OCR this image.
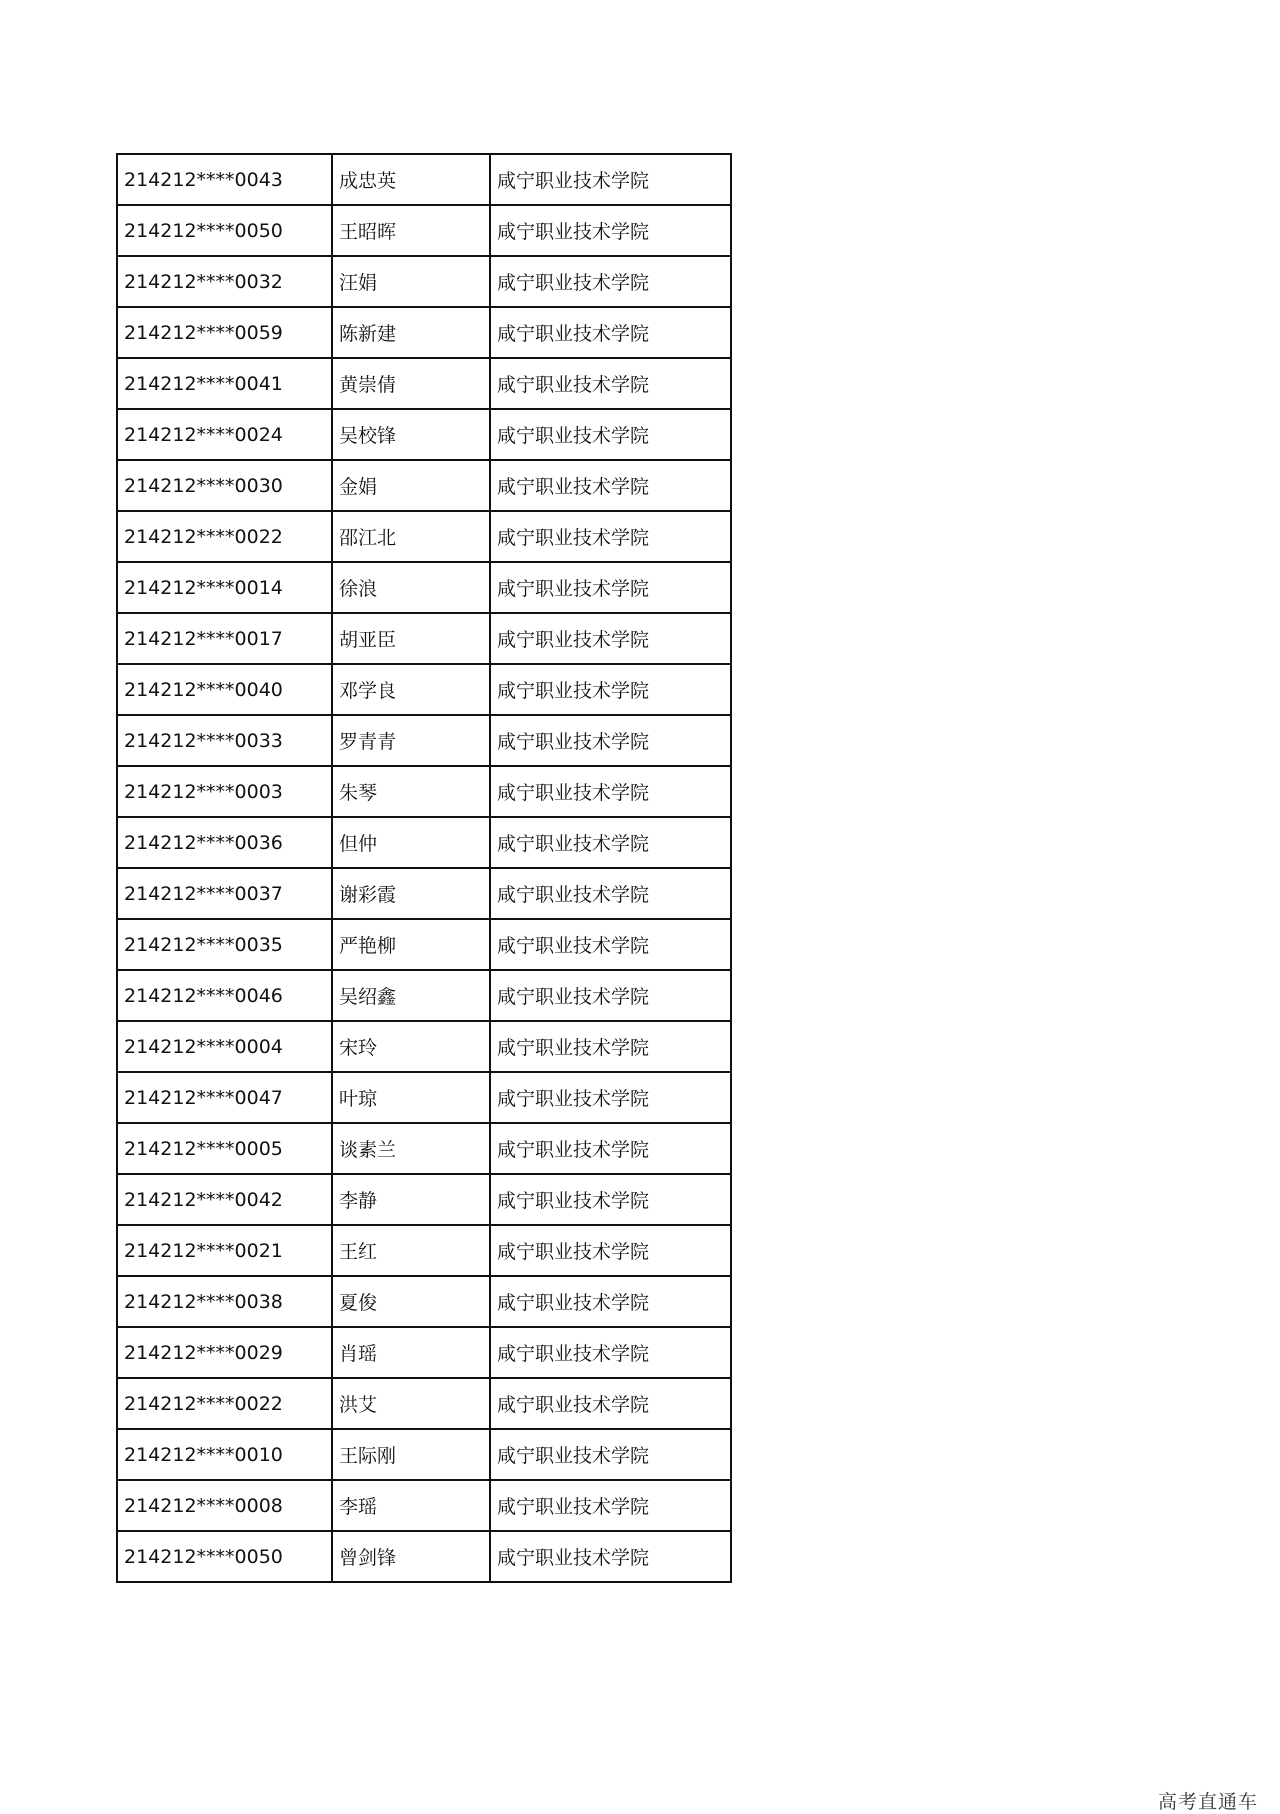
214212****0043	成忠英	咸宁职业技术学院
214212****0050	王昭晖	咸宁职业技术学院
214212****0032	汪娟	咸宁职业技术学院
214212****0059	陈新建	咸宁职业技术学院
214212****0041	黄崇倩	咸宁职业技术学院
214212****0024	吴校锋	咸宁职业技术学院
214212****0030	金娟	咸宁职业技术学院
214212****0022	邵江北	咸宁职业技术学院
214212****0014	徐浪	咸宁职业技术学院
214212****0017	胡亚臣	咸宁职业技术学院
214212****0040	邓学良	咸宁职业技术学院
214212****0033	罗青青	咸宁职业技术学院
214212****0003	朱琴	咸宁职业技术学院
214212****0036	但仲	咸宁职业技术学院
214212****0037	谢彩霞	咸宁职业技术学院
214212****0035	严艳柳	咸宁职业技术学院
214212****0046	吴绍鑫	咸宁职业技术学院
214212****0004	宋玲	咸宁职业技术学院
214212****0047	叶琼	咸宁职业技术学院
214212****0005	谈素兰	咸宁职业技术学院
214212****0042	李静	咸宁职业技术学院
214212****0021	王红	咸宁职业技术学院
214212****0038	夏俊	咸宁职业技术学院
214212****0029	肖瑶	咸宁职业技术学院
214212****0022	洪艾	咸宁职业技术学院
214212****0010	王际刚	咸宁职业技术学院
214212****0008	李瑶	咸宁职业技术学院
214212****0050	曾剑锋	咸宁职业技术学院
高考直通车
